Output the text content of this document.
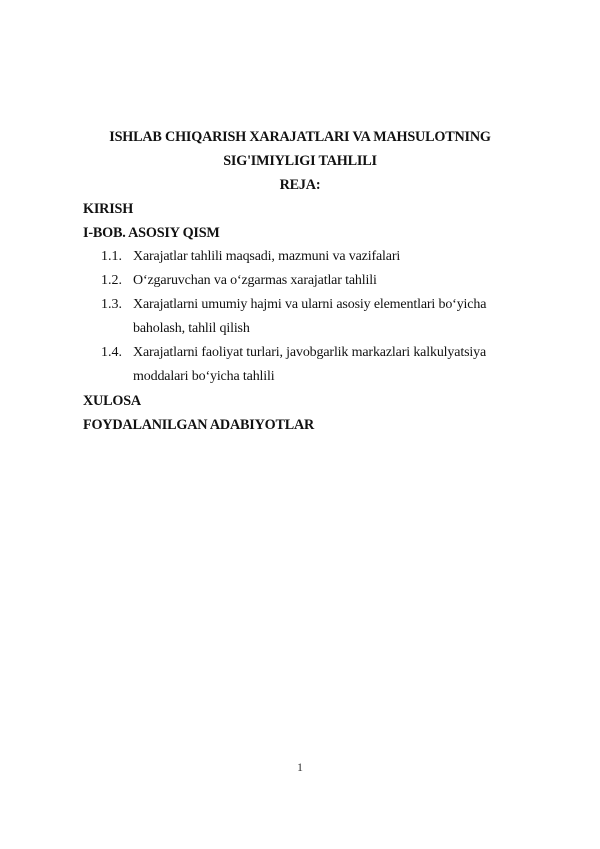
ISHLAB CHIQARISH XARAJATLARI VA MAHSULOTNING
SIG'IMIYLIGI TAHLILI
REJA:
KIRISH
I-BOB. ASOSIY QISM
1.1. Xarajatlar tahlili maqsadi, mazmuni va vazifalari
1.2. O‘zgaruvchan va o‘zgarmas xarajatlar tahlili
1.3. Xarajatlarni umumiy hajmi va ularni asosiy elementlari bo‘yicha
baholash, tahlil qilish
1.4. Xarajatlarni faoliyat turlari, javobgarlik markazlari kalkulyatsiya
moddalari bo‘yicha tahlili
XULOSA
FOYDALANILGAN ADABIYOTLAR
1
